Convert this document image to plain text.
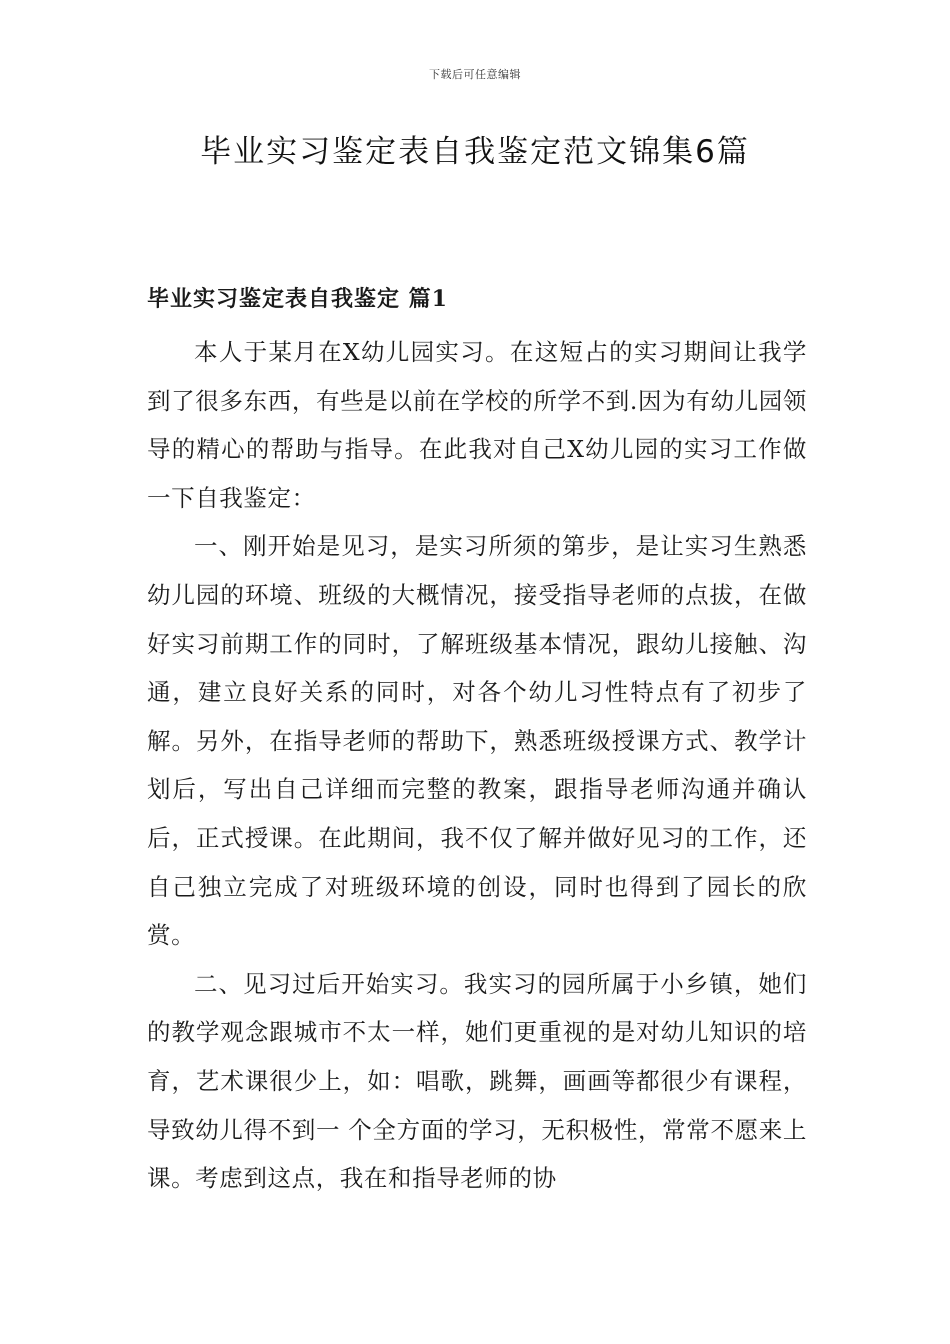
下载后可任意编辑
毕业实习鉴定表自我鉴定范文锦集6篇
毕业实习鉴定表自我鉴定 篇1

本人于某月在X幼儿园实习。在这短占的实习期间让我学到了很多东西，有些是以前在学校的所学不到.因为有幼儿园领导的精心的帮助与指导。在此我对自己X幼儿园的实习工作做一下自我鉴定：

一、刚开始是见习，是实习所须的第步，是让实习生熟悉幼儿园的环境、班级的大概情况，接受指导老师的点拔，在做好实习前期工作的同时，了解班级基本情况，跟幼儿接触、沟通，建立良好关系的同时，对各个幼儿习性特点有了初步了解。另外，在指导老师的帮助下，熟悉班级授课方式、教学计划后，写出自己详细而完整的教案，跟指导老师沟通并确认后，正式授课。在此期间，我不仅了解并做好见习的工作，还自己独立完成了对班级环境的创设，同时也得到了园长的欣赏。

二、见习过后开始实习。我实习的园所属于小乡镇，她们的教学观念跟城市不太一样，她们更重视的是对幼儿知识的培育，艺术课很少上，如：唱歌，跳舞，画画等都很少有课程，导致幼儿得不到一 个全方面的学习，无积极性，常常不愿来上课。考虑到这点，我在和指导老师的协
